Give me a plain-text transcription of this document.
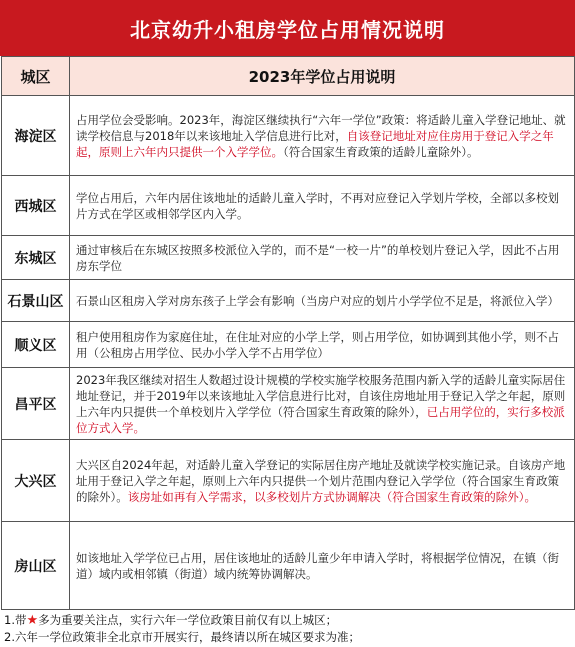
北京幼升小租房学位占用情况说明
城区	2023年学位占用说明
海淀区	占用学位会受影响。2023年，海淀区继续执行“六年一学位”政策：将适龄儿童入学登记地址、就读学校信息与2018年以来该地址入学信息进行比对，自该登记地址对应住房用于登记入学之年起，原则上六年内只提供一个入学学位。（符合国家生育政策的适龄儿童除外）。
西城区	学位占用后，六年内居住该地址的适龄儿童入学时，不再对应登记入学划片学校，全部以多校划片方式在学区或相邻学区内入学。
东城区	通过审核后在东城区按照多校派位入学的，而不是“一校一片”的单校划片登记入学，因此不占用房东学位
石景山区	石景山区租房入学对房东孩子上学会有影响（当房户对应的划片小学学位不足是，将派位入学）
顺义区	租户使用租房作为家庭住址，在住址对应的小学上学，则占用学位，如协调到其他小学，则不占用（公租房占用学位、民办小学入学不占用学位）
昌平区	2023年我区继续对招生人数超过设计规模的学校实施学校服务范围内新入学的适龄儿童实际居住地址登记，并于2019年以来该地址入学信息进行比对，自该住房地址用于登记入学之年起，原则上六年内只提供一个单校划片入学学位（符合国家生育政策的除外），已占用学位的，实行多校派位方式入学。
大兴区	大兴区自2024年起，对适龄儿童入学登记的实际居住房产地址及就读学校实施记录。自该房产地址用于登记入学之年起，原则上六年内只提供一个划片范围内登记入学学位（符合国家生育政策的除外）。该房址如再有入学需求，以多校划片方式协调解决（符合国家生育政策的除外）。
房山区	如该地址入学学位已占用，居住该地址的适龄儿童少年申请入学时，将根据学位情况，在镇（街道）域内或相邻镇（街道）域内统筹协调解决。
1.带★多为重要关注点，实行六年一学位政策目前仅有以上城区；
2.六年一学位政策非全北京市开展实行，最终请以所在城区要求为准；
